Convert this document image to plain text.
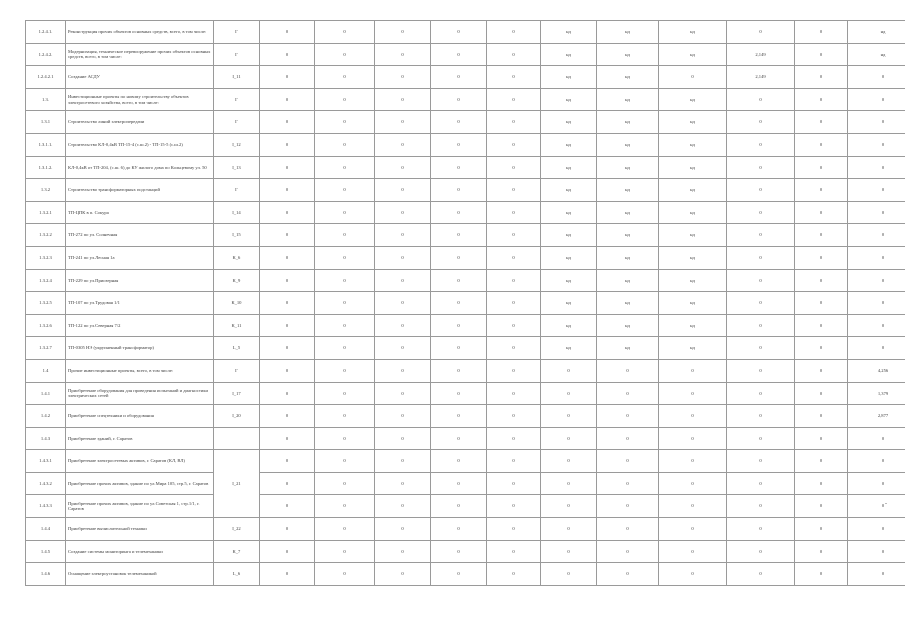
1.2.4.1.	Реконструкция прочих объектов основных средств, всего, в том числе:	Г	0	0	0	0	0	нд	нд	нд	0	0	нд
1.2.4.2.	Модернизация, техническое перевооружение прочих объектов основных средств, всего, в том числе:	Г	0	0	0	0	0	нд	нд	нд	2,149	0	нд
1.2.4.2.1	Создание АСДУ	I_11	0	0	0	0	0	нд	нд	0	2,149	0	0
1.3.	Инвестиционные проекты по новому строительству объектов электросетевого хозяйства, всего, в том числе:	Г	0	0	0	0	0	нд	нд	нд	0	0	0
1.3.1	Строительство линий электропередачи	Г	0	0	0	0	0	нд	нд	нд	0	0	0
1.3.1.1.	Строительство КЛ-0,4кВ ТП-15-4 (с.ш.2) - ТП-15-5 (с.ш.2)	I_12	0	0	0	0	0	нд	нд	нд	0	0	0
1.3.1.2.	КЛ-0,4кВ от ТП-204, (с.ш. 6) до КУ жилого дома по Кольцевому ул. 50	I_13	0	0	0	0	0	нд	нд	нд	0	0	0
1.3.2	Строительство трансформаторных подстанций	Г	0	0	0	0	0	нд	нд	нд	0	0	0
1.3.2.1	ТП-ЦПК в п. Сокура	I_14	0	0	0	0	0	нд	нд	нд	0	0	0
1.3.2.2	ТП-272 по ул. Солнечная	I_15	0	0	0	0	0	нд	нд	нд	0	0	0
1.3.2.3	ТП-241 по ул.Лесная 1а	К_6	0	0	0	0	0	нд	нд	нд	0	0	0
1.3.2.4	ТП-229 по ул.Приозерная	К_9	0	0	0	0	0	нд	нд	нд	0	0	0
1.3.2.5	ТП-107 по ул.Трудовая 1/1	К_10	0	0	0	0	0	нд	нд	нд	0	0	0
1.3.2.6	ТП-122 по ул.Северная 7/2	К_11	0	0	0	0	0	нд	нд	нд	0	0	0
1.3.2.7	ТП-0305 НЭ (укрупненный трансформатор)	L_5	0	0	0	0	0	нд	нд	нд	0	0	0
1.4	Прочие инвестиционные проекты, всего, в том числе:	Г	0	0	0	0	0	0	0	0	0	0	4,256
1.4.1	Приобретение оборудования для проведения испытаний и диагностики электрических сетей	I_17	0	0	0	0	0	0	0	0	0	0	1,379
1.4.2	Приобретение спецтехники и оборудования	I_20	0	0	0	0	0	0	0	0	0	0	2,877
1.4.3	Приобретение зданий, г. Саратов		0	0	0	0	0	0	0	0	0	0	0
1.4.3.1	Приобретение электросетевых активов, г. Саратов (КЛ, ВЛ)	I_21	0	0	0	0	0	0	0	0	0	0	0
1.4.3.2	Приобретение прочих активов, здание по ул.Мира 105, стр.5, г. Саратов		0	0	0	0	0	0	0	0	0	0	0
1.4.3.3	Приобретение прочих активов, здание по ул.Советская 1, стр.1/1, г. Саратов		0	0	0	0	0	0	0	0	0	0	0
1.4.4	Приобретение вычислительной техники	I_22	0	0	0	0	0	0	0	0	0	0	0
1.4.5	Создание системы мониторинга и телемеханики	К_7	0	0	0	0	0	0	0	0	0	0	0
1.4.6	Оснащение электроустановок телемеханикой	L_6	0	0	0	0	0	0	0	0	0	0	0
